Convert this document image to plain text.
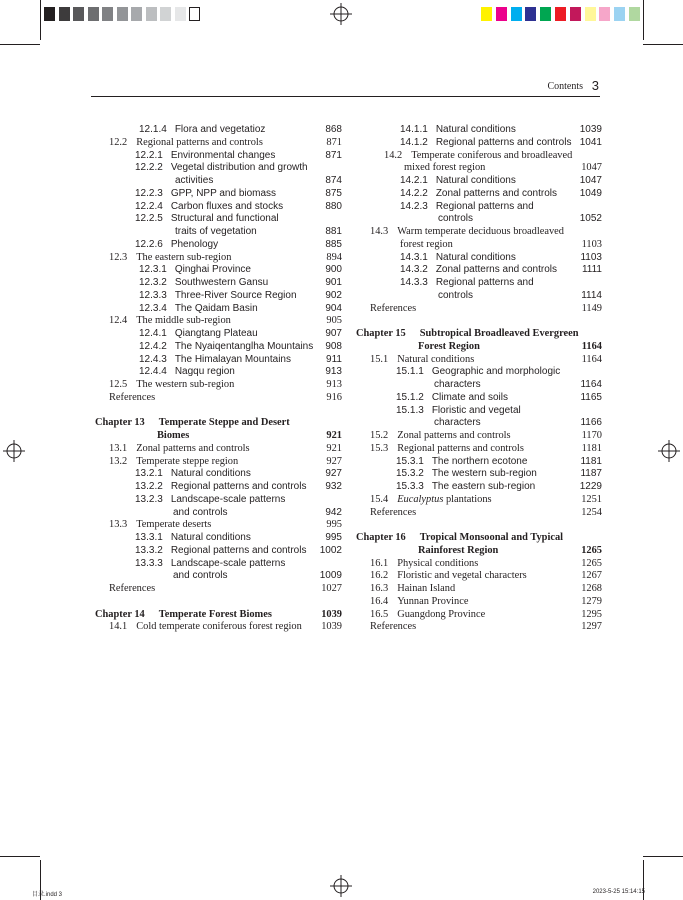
Contents 3
12.1.4 Flora and vegetatioz	868
12.2 Regional patterns and controls	871
12.2.1 Environmental changes	871
12.2.2 Vegetal distribution and growth
activities	874
12.2.3 GPP, NPP and biomass	875
12.2.4 Carbon fluxes and stocks	880
12.2.5 Structural and functional
traits of vegetation	881
12.2.6 Phenology	885
12.3 The eastern sub-region	894
12.3.1 Qinghai Province	900
12.3.2 Southwestern Gansu	901
12.3.3 Three-River Source Region	902
12.3.4 The Qaidam Basin	904
12.4 The middle sub-region	905
12.4.1 Qiangtang Plateau	907
12.4.2 The Nyaiqentanglha Mountains 908
12.4.3 The Himalayan Mountains	911
12.4.4 Nagqu region	913
12.5 The western sub-region	913
References	916
Chapter 13 Temperate Steppe and Desert
Biomes	921
13.1 Zonal patterns and controls	921
13.2 Temperate steppe region	927
13.2.1 Natural conditions	927
13.2.2 Regional patterns and controls 932
13.2.3 Landscape-scale patterns
and controls	942
13.3 Temperate deserts	995
13.3.1 Natural conditions	995
13.3.2 Regional patterns and controls 1002
13.3.3 Landscape-scale patterns
and controls	1009
References	1027
Chapter 14 Temperate Forest Biomes	1039
14.1 Cold temperate coniferous forest region 1039
14.1.1 Natural conditions	1039
14.1.2 Regional patterns and controls 1041
14.2 Temperate coniferous and broadleaved
mixed forest region	1047
14.2.1 Natural conditions	1047
14.2.2 Zonal patterns and controls 1049
14.2.3 Regional patterns and
controls	1052
14.3 Warm temperate deciduous broadleaved
forest region	1103
14.3.1 Natural conditions	1103
14.3.2 Zonal patterns and controls 1111
14.3.3 Regional patterns and
controls	1114
References	1149
Chapter 15 Subtropical Broadleaved Evergreen
Forest Region	1164
15.1 Natural conditions	1164
15.1.1 Geographic and morphologic
characters	1164
15.1.2 Climate and soils	1165
15.1.3 Floristic and vegetal
characters	1166
15.2 Zonal patterns and controls	1170
15.3 Regional patterns and controls	1181
15.3.1 The northern ecotone	1181
15.3.2 The western sub-region	1187
15.3.3 The eastern sub-region	1229
15.4 Eucalyptus plantations	1251
References	1254
Chapter 16 Tropical Monsoonal and Typical
Rainforest Region	1265
16.1 Physical conditions	1265
16.2 Floristic and vegetal characters	1267
16.3 Hainan Island	1268
16.4 Yunnan Province	1279
16.5 Guangdong Province	1295
References	1297
目录.indd 3	2023-5-25 15:14:15
